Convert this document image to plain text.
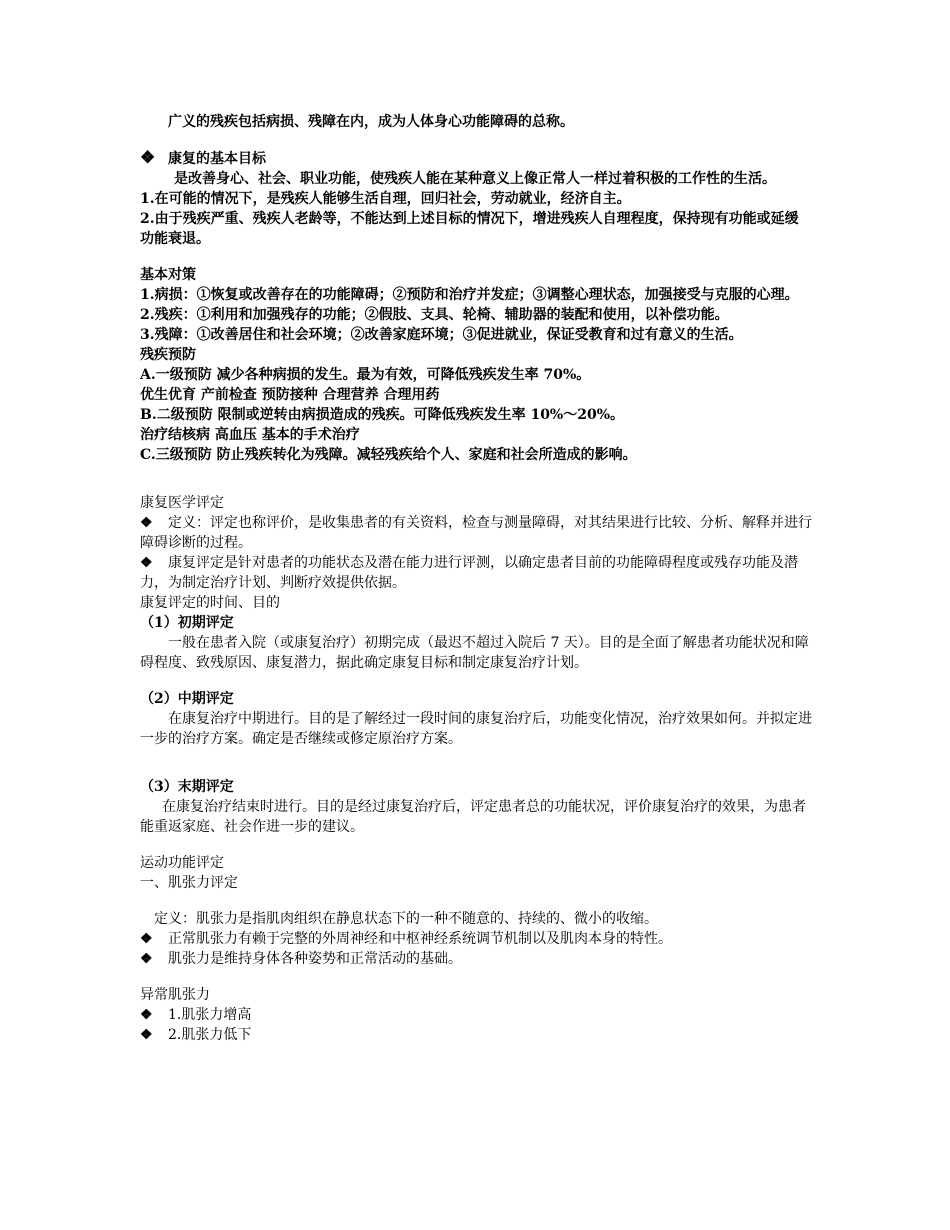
广义的残疾包括病损、残障在内，成为人体身心功能障碍的总称。

❖ 康复的基本目标

是改善身心、社会、职业功能，使残疾人能在某种意义上像正常人一样过着积极的工作性的生活。

1.在可能的情况下，是残疾人能够生活自理，回归社会，劳动就业，经济自主。

2.由于残疾严重、残疾人老龄等，不能达到上述目标的情况下，增进残疾人自理程度，保持现有功能或延缓功能衰退。

基本对策

1.病损：①恢复或改善存在的功能障碍；②预防和治疗并发症；③调整心理状态，加强接受与克服的心理。

2.残疾：①利用和加强残存的功能；②假肢、支具、轮椅、辅助器的装配和使用，以补偿功能。

3.残障：①改善居住和社会环境；②改善家庭环境；③促进就业，保证受教育和过有意义的生活。

残疾预防

A.一级预防 减少各种病损的发生。最为有效，可降低残疾发生率 70%。

优生优育 产前检查 预防接种 合理营养 合理用药

B.二级预防 限制或逆转由病损造成的残疾。可降低残疾发生率 10%～20%。

治疗结核病 高血压 基本的手术治疗

C.三级预防 防止残疾转化为残障。减轻残疾给个人、家庭和社会所造成的影响。

康复医学评定

❖ 定义：评定也称评价，是收集患者的有关资料，检查与测量障碍，对其结果进行比较、分析、解释并进行障碍诊断的过程。

❖ 康复评定是针对患者的功能状态及潜在能力进行评测，以确定患者目前的功能障碍程度或残存功能及潜力，为制定治疗计划、判断疗效提供依据。

康复评定的时间、目的

（1）初期评定

一般在患者入院（或康复治疗）初期完成（最迟不超过入院后 7 天）。目的是全面了解患者功能状况和障碍程度、致残原因、康复潜力，据此确定康复目标和制定康复治疗计划。

（2）中期评定

在康复治疗中期进行。目的是了解经过一段时间的康复治疗后，功能变化情况，治疗效果如何。并拟定进一步的治疗方案。确定是否继续或修定原治疗方案。

（3）末期评定

在康复治疗结束时进行。目的是经过康复治疗后，评定患者总的功能状况，评价康复治疗的效果，为患者能重返家庭、社会作进一步的建议。

运动功能评定

一、肌张力评定

定义：肌张力是指肌肉组织在静息状态下的一种不随意的、持续的、微小的收缩。

❖ 正常肌张力有赖于完整的外周神经和中枢神经系统调节机制以及肌肉本身的特性。

❖ 肌张力是维持身体各种姿势和正常活动的基础。

异常肌张力

❖ 1.肌张力增高

❖ 2.肌张力低下
